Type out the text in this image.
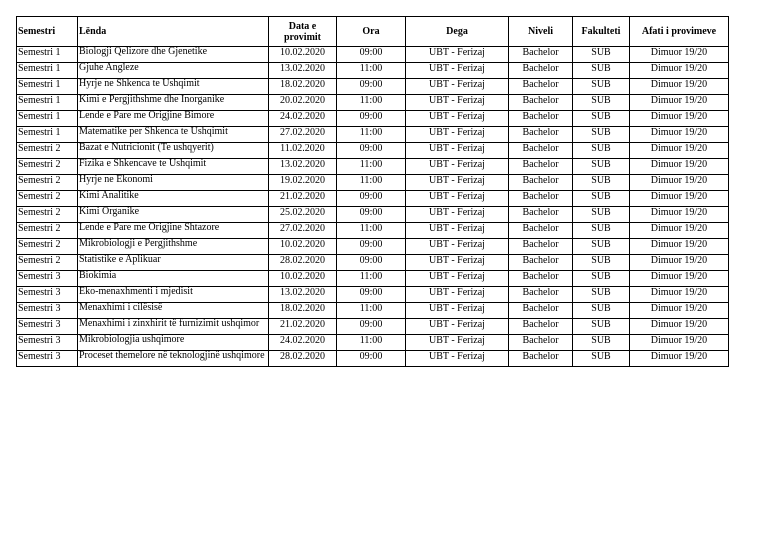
Semestri	Lënda	Data e provimit	Ora	Dega	Niveli	Fakulteti	Afati i provimeve
Semestri 1	Biologji Qelizore dhe Gjenetike	10.02.2020	09:00	UBT - Ferizaj	Bachelor	SUB	Dimuor 19/20
Semestri 1	Gjuhe Angleze	13.02.2020	11:00	UBT - Ferizaj	Bachelor	SUB	Dimuor 19/20
Semestri 1	Hyrje ne Shkenca te Ushqimit	18.02.2020	09:00	UBT - Ferizaj	Bachelor	SUB	Dimuor 19/20
Semestri 1	Kimi e Pergjithshme dhe Inorganike	20.02.2020	11:00	UBT - Ferizaj	Bachelor	SUB	Dimuor 19/20
Semestri 1	Lende e Pare me Origjine Bimore	24.02.2020	09:00	UBT - Ferizaj	Bachelor	SUB	Dimuor 19/20
Semestri 1	Matematike per Shkenca te Ushqimit	27.02.2020	11:00	UBT - Ferizaj	Bachelor	SUB	Dimuor 19/20
Semestri 2	Bazat e Nutricionit (Te ushqyerit)	11.02.2020	09:00	UBT - Ferizaj	Bachelor	SUB	Dimuor 19/20
Semestri 2	Fizika e Shkencave te Ushqimit	13.02.2020	11:00	UBT - Ferizaj	Bachelor	SUB	Dimuor 19/20
Semestri 2	Hyrje ne Ekonomi	19.02.2020	11:00	UBT - Ferizaj	Bachelor	SUB	Dimuor 19/20
Semestri 2	Kimi Analitike	21.02.2020	09:00	UBT - Ferizaj	Bachelor	SUB	Dimuor 19/20
Semestri 2	Kimi Organike	25.02.2020	09:00	UBT - Ferizaj	Bachelor	SUB	Dimuor 19/20
Semestri 2	Lende e Pare me Origjine Shtazore	27.02.2020	11:00	UBT - Ferizaj	Bachelor	SUB	Dimuor 19/20
Semestri 2	Mikrobiologji e Pergjithshme	10.02.2020	09:00	UBT - Ferizaj	Bachelor	SUB	Dimuor 19/20
Semestri 2	Statistike e Aplikuar	28.02.2020	09:00	UBT - Ferizaj	Bachelor	SUB	Dimuor 19/20
Semestri 3	Biokimia	10.02.2020	11:00	UBT - Ferizaj	Bachelor	SUB	Dimuor 19/20
Semestri 3	Eko-menaxhmenti i mjedisit	13.02.2020	09:00	UBT - Ferizaj	Bachelor	SUB	Dimuor 19/20
Semestri 3	Menaxhimi i cilësisë	18.02.2020	11:00	UBT - Ferizaj	Bachelor	SUB	Dimuor 19/20
Semestri 3	Menaxhimi i zinxhirit të furnizimit ushqimor	21.02.2020	09:00	UBT - Ferizaj	Bachelor	SUB	Dimuor 19/20
Semestri 3	Mikrobiologjia ushqimore	24.02.2020	11:00	UBT - Ferizaj	Bachelor	SUB	Dimuor 19/20
Semestri 3	Proceset themelore në teknologjinë ushqimore	28.02.2020	09:00	UBT - Ferizaj	Bachelor	SUB	Dimuor 19/20
